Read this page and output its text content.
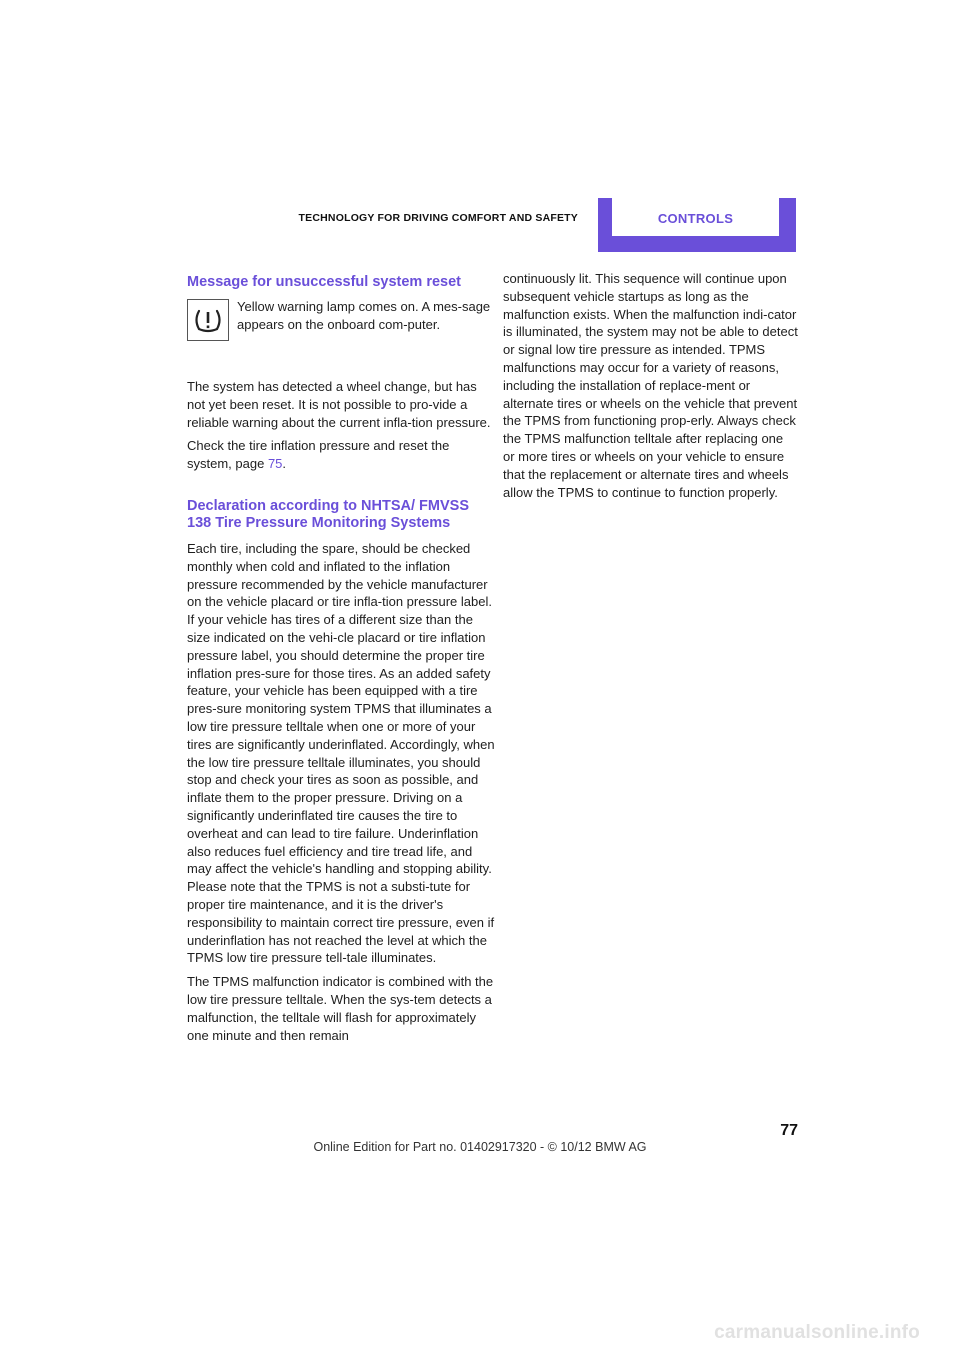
TECHNOLOGY FOR DRIVING COMFORT AND SAFETY	CONTROLS
Message for unsuccessful system reset

Yellow warning lamp comes on. A mes-sage appears on the onboard com-puter.

The system has detected a wheel change, but has not yet been reset. It is not possible to pro-vide a reliable warning about the current infla-tion pressure.

Check the tire inflation pressure and reset the system, page 75.

Declaration according to NHTSA/ FMVSS 138 Tire Pressure Monitoring Systems

Each tire, including the spare, should be checked monthly when cold and inflated to the inflation pressure recommended by the vehicle manufacturer on the vehicle placard or tire infla-tion pressure label. If your vehicle has tires of a different size than the size indicated on the vehi-cle placard or tire inflation pressure label, you should determine the proper tire inflation pres-sure for those tires. As an added safety feature, your vehicle has been equipped with a tire pres-sure monitoring system TPMS that illuminates a low tire pressure telltale when one or more of your tires are significantly underinflated. Accordingly, when the low tire pressure telltale illuminates, you should stop and check your tires as soon as possible, and inflate them to the proper pressure. Driving on a significantly underinflated tire causes the tire to overheat and can lead to tire failure. Underinflation also reduces fuel efficiency and tire tread life, and may affect the vehicle's handling and stopping ability. Please note that the TPMS is not a substi-tute for proper tire maintenance, and it is the driver's responsibility to maintain correct tire pressure, even if underinflation has not reached the level at which the TPMS low tire pressure tell-tale illuminates.

The TPMS malfunction indicator is combined with the low tire pressure telltale. When the sys-tem detects a malfunction, the telltale will flash for approximately one minute and then remain

continuously lit. This sequence will continue upon subsequent vehicle startups as long as the malfunction exists. When the malfunction indi-cator is illuminated, the system may not be able to detect or signal low tire pressure as intended. TPMS malfunctions may occur for a variety of reasons, including the installation of replace-ment or alternate tires or wheels on the vehicle that prevent the TPMS from functioning prop-erly. Always check the TPMS malfunction telltale after replacing one or more tires or wheels on your vehicle to ensure that the replacement or alternate tires and wheels allow the TPMS to continue to function properly.

77
Online Edition for Part no. 01402917320 - © 10/12 BMW AG
carmanualsonline.info
